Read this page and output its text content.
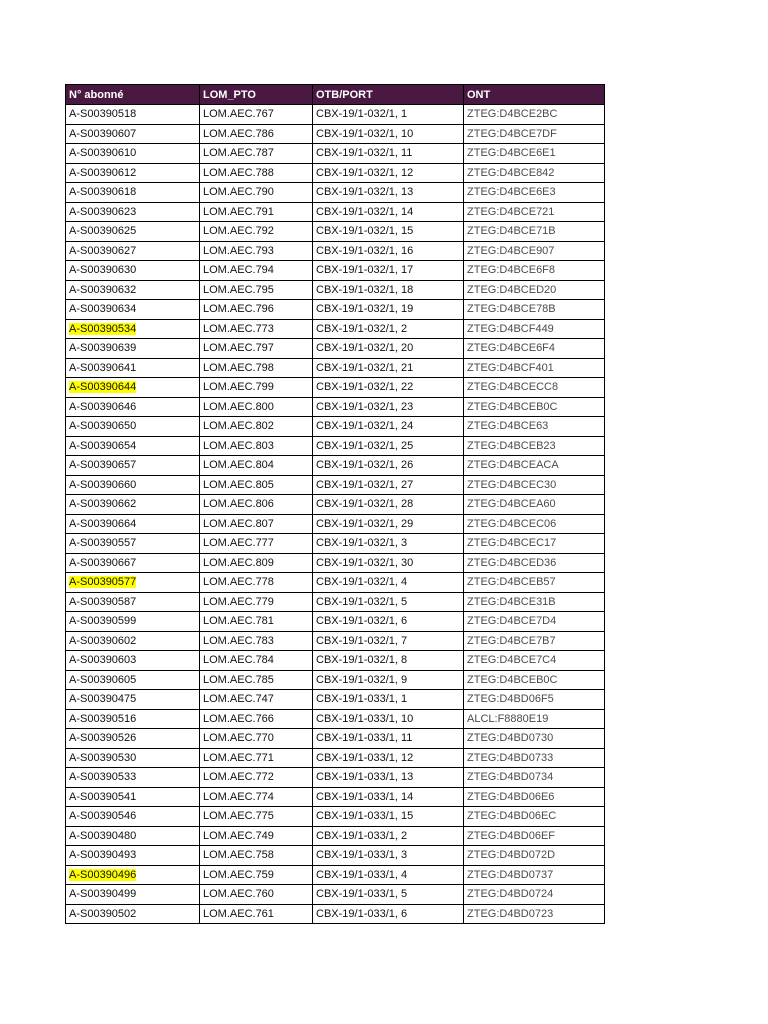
N° abonné	LOM_PTO	OTB/PORT	ONT
A-S00390518	LOM.AEC.767	CBX-19/1-032/1, 1	ZTEG:D4BCE2BC
A-S00390607	LOM.AEC.786	CBX-19/1-032/1, 10	ZTEG:D4BCE7DF
A-S00390610	LOM.AEC.787	CBX-19/1-032/1, 11	ZTEG:D4BCE6E1
A-S00390612	LOM.AEC.788	CBX-19/1-032/1, 12	ZTEG:D4BCE842
A-S00390618	LOM.AEC.790	CBX-19/1-032/1, 13	ZTEG:D4BCE6E3
A-S00390623	LOM.AEC.791	CBX-19/1-032/1, 14	ZTEG:D4BCE721
A-S00390625	LOM.AEC.792	CBX-19/1-032/1, 15	ZTEG:D4BCE71B
A-S00390627	LOM.AEC.793	CBX-19/1-032/1, 16	ZTEG:D4BCE907
A-S00390630	LOM.AEC.794	CBX-19/1-032/1, 17	ZTEG:D4BCE6F8
A-S00390632	LOM.AEC.795	CBX-19/1-032/1, 18	ZTEG:D4BCED20
A-S00390634	LOM.AEC.796	CBX-19/1-032/1, 19	ZTEG:D4BCE78B
A-S00390534	LOM.AEC.773	CBX-19/1-032/1, 2	ZTEG:D4BCF449
A-S00390639	LOM.AEC.797	CBX-19/1-032/1, 20	ZTEG:D4BCE6F4
A-S00390641	LOM.AEC.798	CBX-19/1-032/1, 21	ZTEG:D4BCF401
A-S00390644	LOM.AEC.799	CBX-19/1-032/1, 22	ZTEG:D4BCECC8
A-S00390646	LOM.AEC.800	CBX-19/1-032/1, 23	ZTEG:D4BCEB0C
A-S00390650	LOM.AEC.802	CBX-19/1-032/1, 24	ZTEG:D4BCE63
A-S00390654	LOM.AEC.803	CBX-19/1-032/1, 25	ZTEG:D4BCEB23
A-S00390657	LOM.AEC.804	CBX-19/1-032/1, 26	ZTEG:D4BCEACA
A-S00390660	LOM.AEC.805	CBX-19/1-032/1, 27	ZTEG:D4BCEC30
A-S00390662	LOM.AEC.806	CBX-19/1-032/1, 28	ZTEG:D4BCEA60
A-S00390664	LOM.AEC.807	CBX-19/1-032/1, 29	ZTEG:D4BCEC06
A-S00390557	LOM.AEC.777	CBX-19/1-032/1, 3	ZTEG:D4BCEC17
A-S00390667	LOM.AEC.809	CBX-19/1-032/1, 30	ZTEG:D4BCED36
A-S00390577	LOM.AEC.778	CBX-19/1-032/1, 4	ZTEG:D4BCEB57
A-S00390587	LOM.AEC.779	CBX-19/1-032/1, 5	ZTEG:D4BCE31B
A-S00390599	LOM.AEC.781	CBX-19/1-032/1, 6	ZTEG:D4BCE7D4
A-S00390602	LOM.AEC.783	CBX-19/1-032/1, 7	ZTEG:D4BCE7B7
A-S00390603	LOM.AEC.784	CBX-19/1-032/1, 8	ZTEG:D4BCE7C4
A-S00390605	LOM.AEC.785	CBX-19/1-032/1, 9	ZTEG:D4BCEB0C
A-S00390475	LOM.AEC.747	CBX-19/1-033/1, 1	ZTEG:D4BD06F5
A-S00390516	LOM.AEC.766	CBX-19/1-033/1, 10	ALCL:F8880E19
A-S00390526	LOM.AEC.770	CBX-19/1-033/1, 11	ZTEG:D4BD0730
A-S00390530	LOM.AEC.771	CBX-19/1-033/1, 12	ZTEG:D4BD0733
A-S00390533	LOM.AEC.772	CBX-19/1-033/1, 13	ZTEG:D4BD0734
A-S00390541	LOM.AEC.774	CBX-19/1-033/1, 14	ZTEG:D4BD06E6
A-S00390546	LOM.AEC.775	CBX-19/1-033/1, 15	ZTEG:D4BD06EC
A-S00390480	LOM.AEC.749	CBX-19/1-033/1, 2	ZTEG:D4BD06EF
A-S00390493	LOM.AEC.758	CBX-19/1-033/1, 3	ZTEG:D4BD072D
A-S00390496	LOM.AEC.759	CBX-19/1-033/1, 4	ZTEG:D4BD0737
A-S00390499	LOM.AEC.760	CBX-19/1-033/1, 5	ZTEG:D4BD0724
A-S00390502	LOM.AEC.761	CBX-19/1-033/1, 6	ZTEG:D4BD0723
